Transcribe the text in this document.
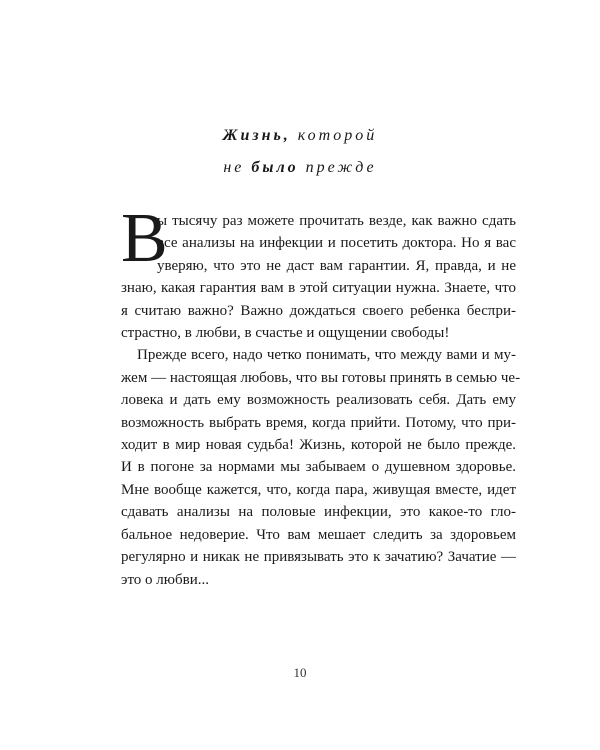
Жизнь, которой
не было прежде
В
ы тысячу раз можете прочитать везде, как важно сдать
все анализы на инфекции и посетить доктора. Но я вас
уверяю, что это не даст вам гарантии. Я, правда, и не
знаю, какая гарантия вам в этой ситуации нужна. Знаете, что
я считаю важно? Важно дождаться своего ребенка бесπри-
страстно, в любви, в счастье и ощущении свободы!
Прежде всего, надо четко понимать, что между вами и му-
жем — настоящая любовь, что вы готовы принять в семью че-
ловека и дать ему возможность реализовать себя. Дать ему
возможность выбрать время, когда прийти. Потому, что при-
ходит в мир новая судьба! Жизнь, которой не было прежде.
И в погоне за нормами мы забываем о душевном здоровье.
Мне вообще кажется, что, когда пара, живущая вместе, идет
сдавать анализы на половые инфекции, это какое-то гло-
бальное недоверие. Что вам мешает следить за здоровьем
регулярно и никак не привязывать это к зачатию? Зачатие —
это о любви...
10
